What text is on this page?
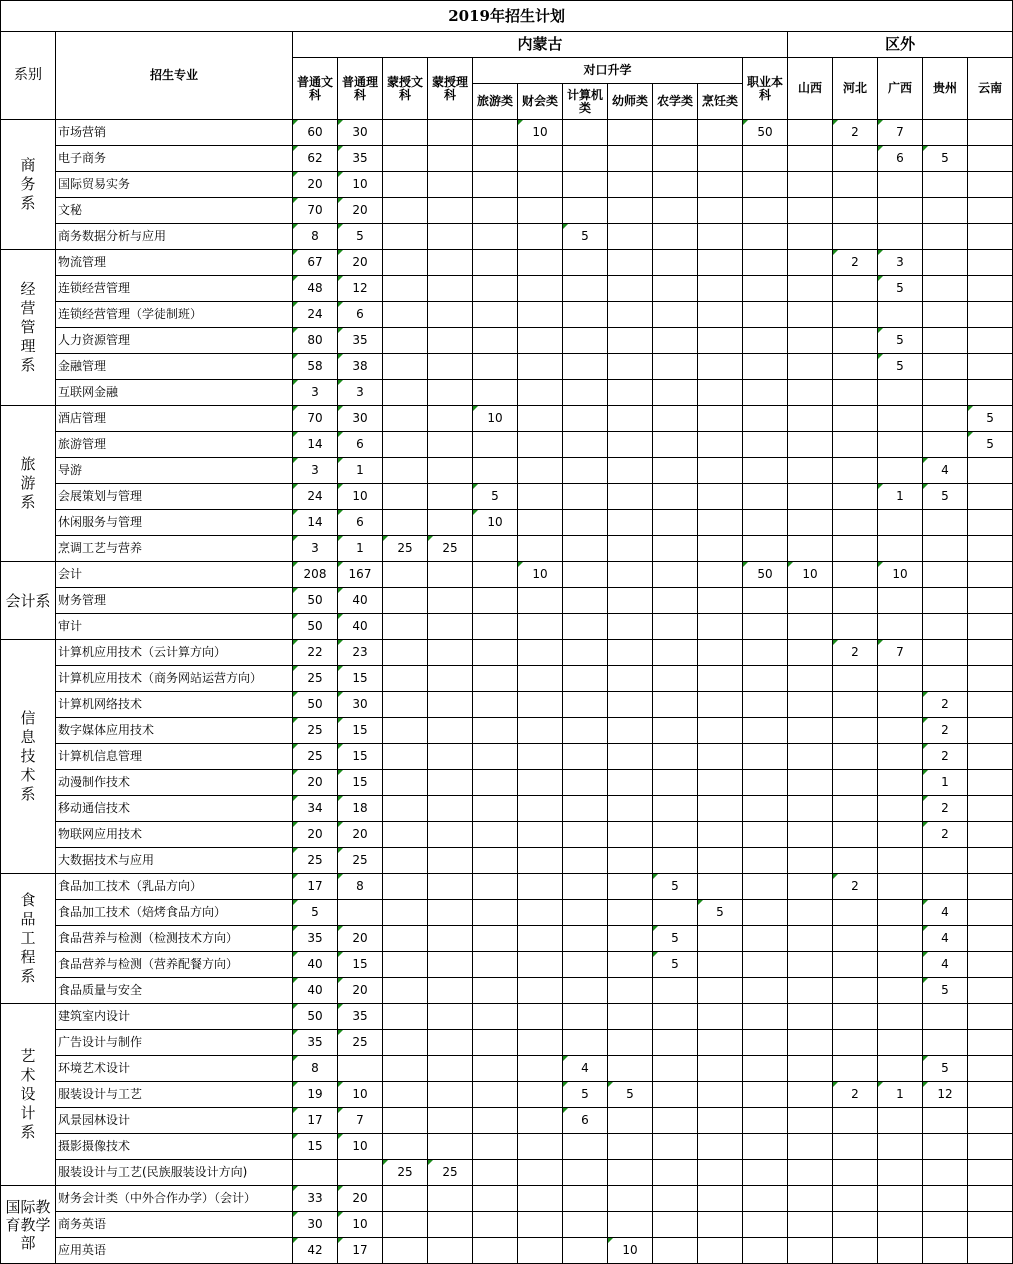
2019年招生计划																	
系别	招生专业	内蒙古											区外				
		普通文科	普通理科	蒙授文科	蒙授理科	对口升学						职业本科	山西	河北	广西	贵州	云南
						旅游类	财会类	计算机类	幼师类	农学类	烹饪类						

商务系	市场营销	60	30				10					50		2	7		
	电子商务	62	35												6	5	
	国际贸易实务	20	10														
	文秘	70	20														
	商务数据分析与应用	8	5					5									

经营管理系	物流管理	67	20											2	3		
	连锁经营管理	48	12												5		
	连锁经营管理（学徒制班）	24	6														
	人力资源管理	80	35												5		
	金融管理	58	38												5		
	互联网金融	3	3														

旅游系	酒店管理	70	30			10											5
	旅游管理	14	6														5
	导游	3	1													4	
	会展策划与管理	24	10			5									1	5	
	休闲服务与管理	14	6			10											
	烹调工艺与营养	3	1	25	25												

会计系	会计	208	167				10					50	10		10		
	财务管理	50	40														
	审计	50	40														

信息技术系	计算机应用技术（云计算方向）	22	23											2	7		
	计算机应用技术（商务网站运营方向）	25	15														
	计算机网络技术	50	30													2	
	数字媒体应用技术	25	15													2	
	计算机信息管理	25	15													2	
	动漫制作技术	20	15													1	
	移动通信技术	34	18													2	
	物联网应用技术	20	20													2	
	大数据技术与应用	25	25														

食品工程系	食品加工技术（乳品方向）	17	8							5				2			
	食品加工技术（焙烤食品方向）	5									5					4	
	食品营养与检测（检测技术方向）	35	20							5						4	
	食品营养与检测（营养配餐方向）	40	15							5						4	
	食品质量与安全	40	20													5	

艺术设计系	建筑室内设计	50	35														
	广告设计与制作	35	25														
	环境艺术设计	8						4								5	
	服装设计与工艺	19	10					5	5					2	1	12	
	风景园林设计	17	7					6									
	摄影摄像技术	15	10														
	服装设计与工艺(民族服装设计方向)			25	25												

国际教育教学部	财务会计类（中外合作办学）（会计）	33	20														
	商务英语	30	10														
	应用英语	42	17						10								
